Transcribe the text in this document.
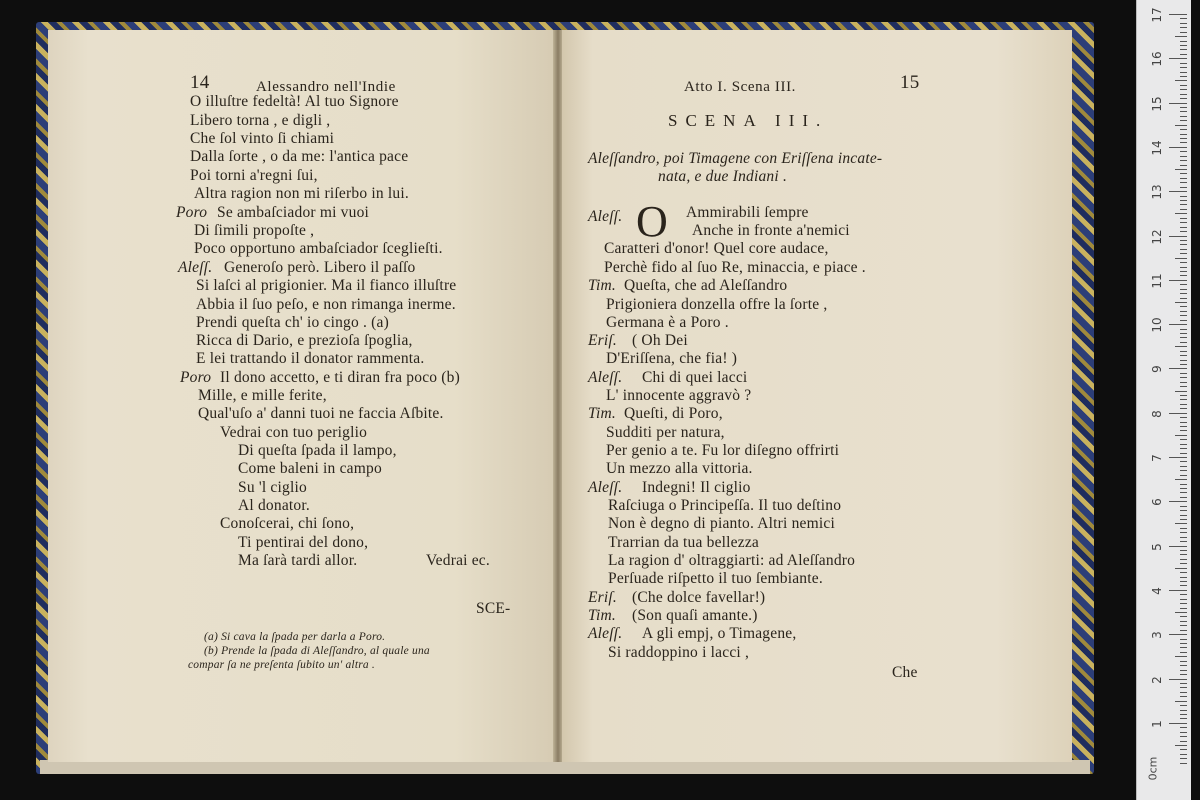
14	Alessandro nell'Indie
O illuſtre fedeltà! Al tuo Signore
Libero torna , e digli ,
Che ſol vinto ſi chiami
Dalla ſorte , o da me: l'antica pace
Poi torni a'regni ſui,
Altra ragion non mi riſerbo in lui.
Poro Se ambaſciador mi vuoi
Di ſimili propoſte ,
Poco opportuno ambaſciador ſceglieſti.
Aleſſ. Generoſo però. Libero il paſſo
Si laſci al prigionier. Ma il fianco illuſtre
Abbia il ſuo peſo, e non rimanga inerme.
Prendi queſta ch' io cingo . (a)
Ricca di Dario, e prezioſa ſpoglia,
E lei trattando il donator rammenta.
Poro Il dono accetto, e ti diran fra poco (b)
Mille, e mille ferite,
Qual'uſo a' danni tuoi ne faccia Aſbite.
Vedrai con tuo periglio
Di queſta ſpada il lampo,
Come baleni in campo
Su 'l ciglio
Al donator.
Conoſcerai, chi ſono,
Ti pentirai del dono,
Ma ſarà tardi allor.	Vedrai ec.
SCE-
(a) Si cava la ſpada per darla a Poro.
(b) Prende la ſpada di Aleſſandro, al quale una
compar ſa ne preſenta ſubito un' altra .
Atto I. Scena III.	15
SCENA III.
Aleſſandro, poi Timagene con Eriſſena incate-
nata, e due Indiani .
Aleſſ. O Ammirabili ſempre
Anche in fronte a'nemici
Caratteri d'onor! Quel core audace,
Perchè fido al ſuo Re, minaccia, e piace .
Tim. Queſta, che ad Aleſſandro
Prigioniera donzella offre la ſorte ,
Germana è a Poro .
Eriſ. ( Oh Dei
D'Eriſſena, che fia! )
Aleſſ. Chi di quei lacci
L' innocente aggravò ?
Tim. Queſti, di Poro,
Sudditi per natura,
Per genio a te. Fu lor diſegno offrirti
Un mezzo alla vittoria.
Aleſſ. Indegni! Il ciglio
Raſciuga o Principeſſa. Il tuo deſtino
Non è degno di pianto. Altri nemici
Trarrian da tua bellezza
La ragion d' oltraggiarti: ad Aleſſandro
Perſuade riſpetto il tuo ſembiante.
Eriſ. (Che dolce favellar!)
Tim. (Son quaſi amante.)
Aleſſ. A gli empj, o Timagene,
Si raddoppino i lacci ,
Che
0cm
17
16
15
14
13
12
11
10
9
8
7
6
5
4
3
2
1
